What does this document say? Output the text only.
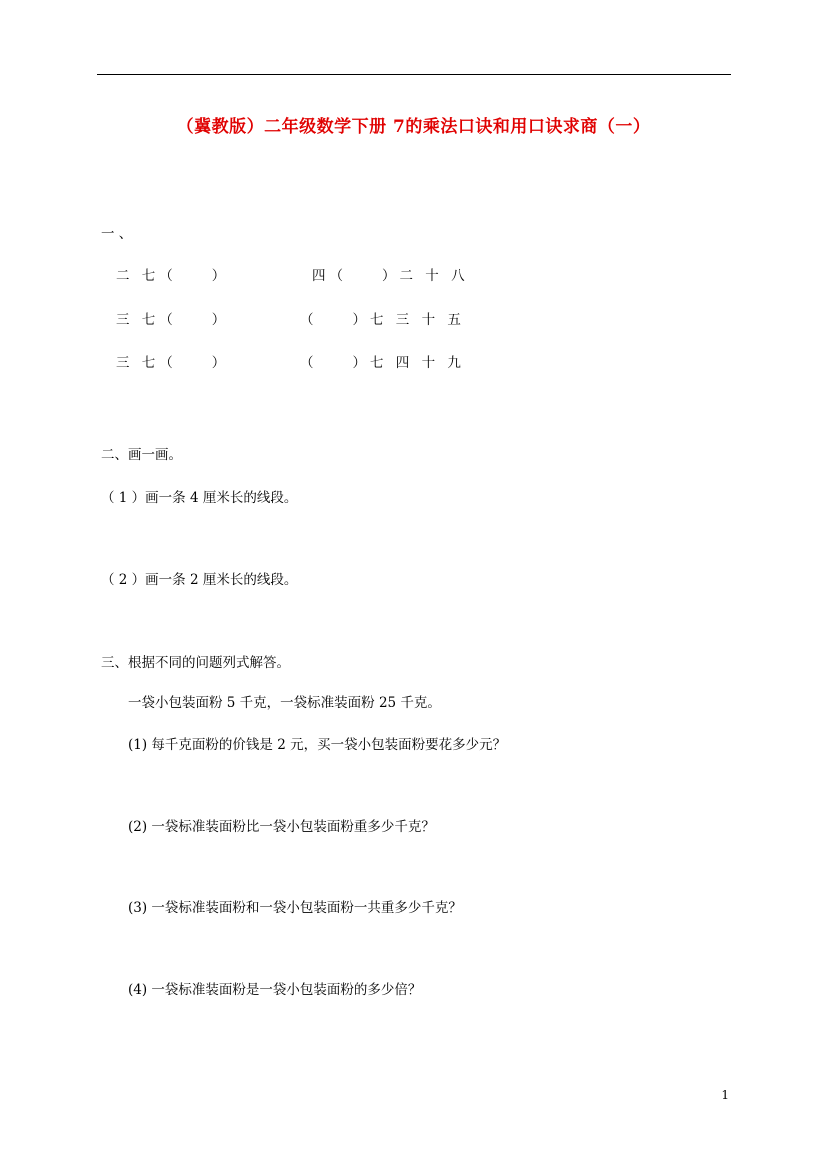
（冀教版）二年级数学下册 7的乘法口诀和用口诀求商（一）
一 、
二 七（　　）	四（　　）二 十 八
三 七（　　）	（　　）七 三 十 五
三 七（　　）	（　　）七 四 十 九
二、画一画。
（ 1 ）画一条 4 厘米长的线段。
（ 2 ）画一条 2 厘米长的线段。
三、根据不同的问题列式解答。
一袋小包装面粉 5 千克，一袋标准装面粉 25 千克。
(1) 每千克面粉的价钱是 2 元，买一袋小包装面粉要花多少元？
(2) 一袋标准装面粉比一袋小包装面粉重多少千克？
(3) 一袋标准装面粉和一袋小包装面粉一共重多少千克？
(4) 一袋标准装面粉是一袋小包装面粉的多少倍？
1
